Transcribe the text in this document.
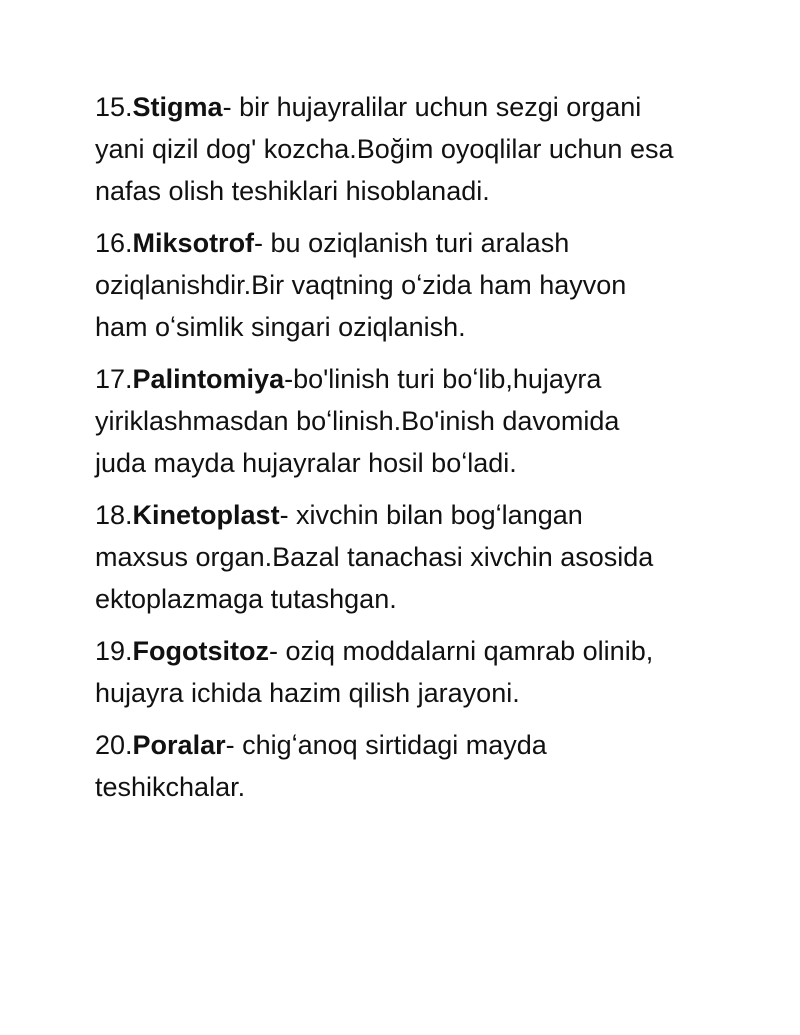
15.Stigma- bir hujayralilar uchun sezgi organi
yani qizil dog' kozcha.Boğim oyoqlilar uchun esa
nafas olish teshiklari hisoblanadi.

16.Miksotrof- bu oziqlanish turi aralash
oziqlanishdir.Bir vaqtning oʻzida ham hayvon
ham oʻsimlik singari oziqlanish.

17.Palintomiya-bo'linish turi boʻlib,hujayra
yiriklashmasdan boʻlinish.Bo'inish davomida
juda mayda hujayralar hosil boʻladi.

18.Kinetoplast- xivchin bilan bogʻlangan
maxsus organ.Bazal tanachasi xivchin asosida
ektoplazmaga tutashgan.

19.Fogotsitoz- oziq moddalarni qamrab olinib,
hujayra ichida hazim qilish jarayoni.

20.Poralar- chigʻanoq sirtidagi mayda
teshikchalar.
